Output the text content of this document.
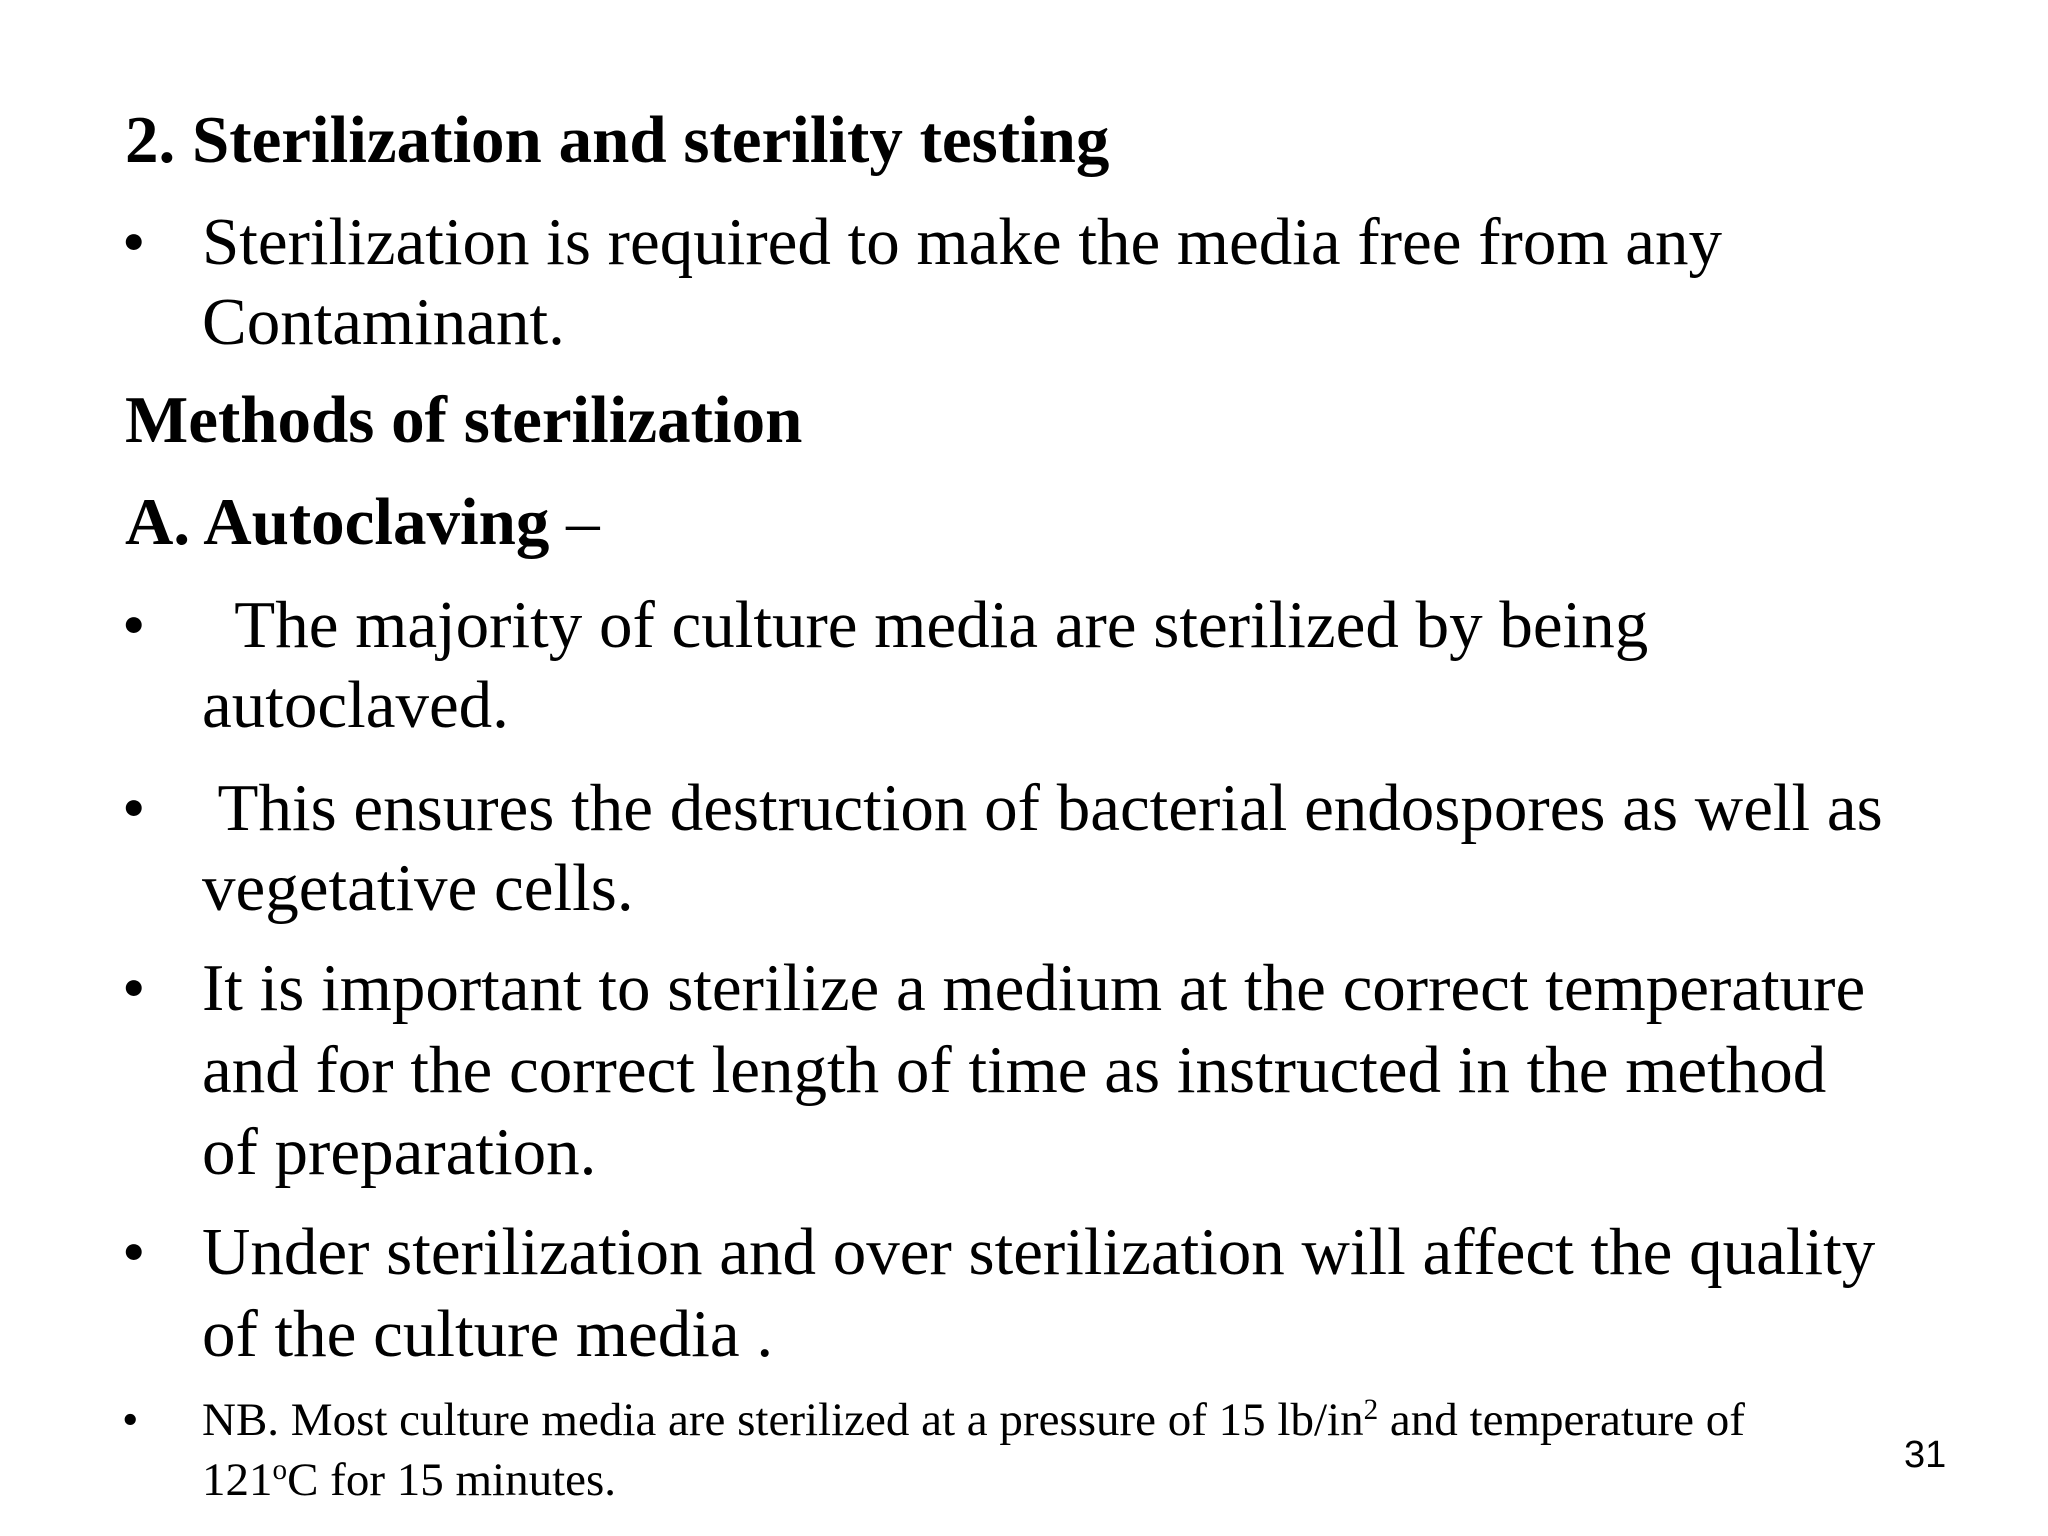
2. Sterilization and sterility testing
• Sterilization is required to make the media free from any
Contaminant.
Methods of sterilization
A. Autoclaving –
• The majority of culture media are sterilized by being
autoclaved.
• This ensures the destruction of bacterial endospores as well as
vegetative cells.
• It is important to sterilize a medium at the correct temperature
and for the correct length of time as instructed in the method
of preparation.
• Under sterilization and over sterilization will affect the quality
of the culture media .
• NB. Most culture media are sterilized at a pressure of 15 $lb/in^2$ and temperature of
121$^o$C for 15 minutes.	31
